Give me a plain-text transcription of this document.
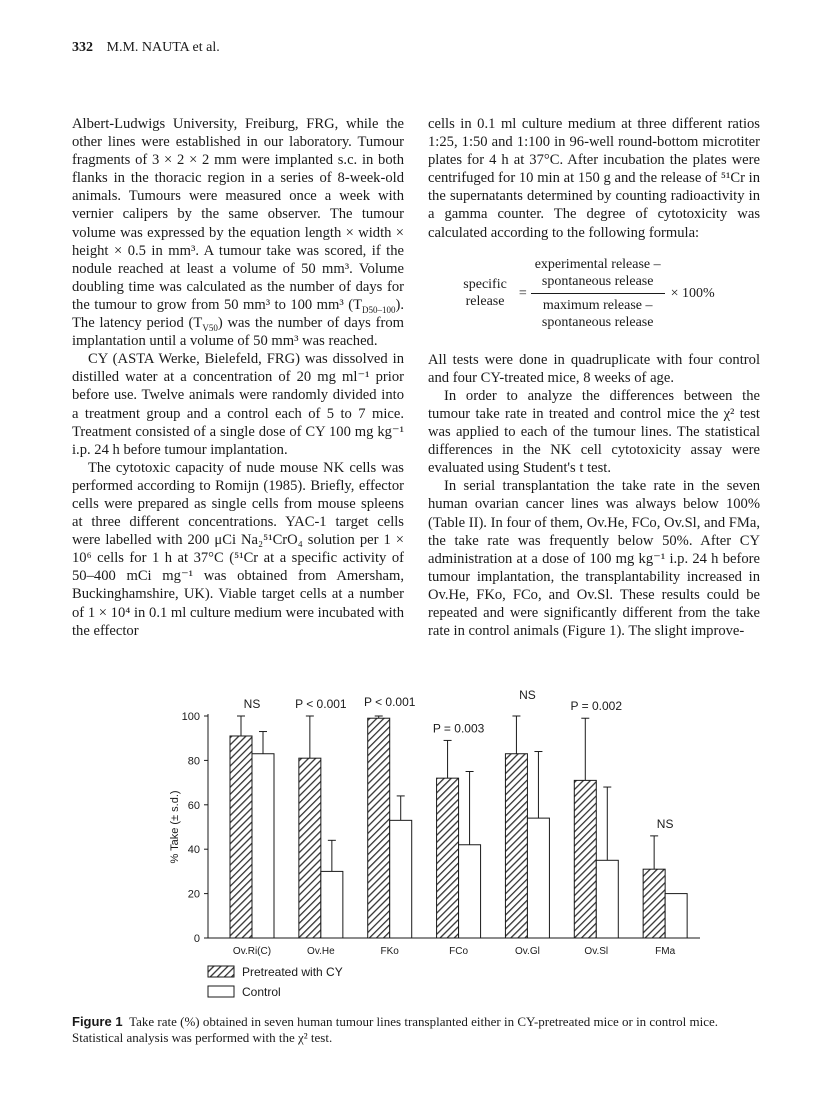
332 M.M. NAUTA et al.

Albert-Ludwigs University, Freiburg, FRG, while the other lines were established in our laboratory. Tumour fragments of 3 × 2 × 2 mm were implanted s.c. in both flanks in the thoracic region in a series of 8-week-old animals. Tumours were measured once a week with vernier calipers by the same observer. The tumour volume was expressed by the equation length × width × height × 0.5 in mm³. A tumour take was scored, if the nodule reached at least a volume of 50 mm³. Volume doubling time was calculated as the number of days for the tumour to grow from 50 mm³ to 100 mm³ $(T_{D50-100})$. The latency period $(T_{V50})$ was the number of days from implantation until a volume of 50 mm³ was reached.

CY (ASTA Werke, Bielefeld, FRG) was dissolved in distilled water at a concentration of 20 mg ml⁻¹ prior before use. Twelve animals were randomly divided into a treatment group and a control each of 5 to 7 mice. Treatment consisted of a single dose of CY 100 mg kg⁻¹ i.p. 24 h before tumour implantation.

The cytotoxic capacity of nude mouse NK cells was performed according to Romijn (1985). Briefly, effector cells were prepared as single cells from mouse spleens at three different concentrations. YAC-1 target cells were labelled with 200 μCi Na₂⁵¹CrO₄ solution per 1 × 10⁶ cells for 1 h at 37°C (⁵¹Cr at a specific activity of 50–400 mCi mg⁻¹ was obtained from Amersham, Buckinghamshire, UK). Viable target cells at a number of 1 × 10⁴ in 0.1 ml culture medium were incubated with the effector

cells in 0.1 ml culture medium at three different ratios 1:25, 1:50 and 1:100 in 96-well round-bottom microtiter plates for 4 h at 37°C. After incubation the plates were centrifuged for 10 min at 150 g and the release of ⁵¹Cr in the supernatants determined by counting radioactivity in a gamma counter. The degree of cytotoxicity was calculated according to the following formula:

specific
release
= experimental release –
spontaneous release
maximum release –
spontaneous release × 100%

All tests were done in quadruplicate with four control and four CY-treated mice, 8 weeks of age.

In order to analyze the differences between the tumour take rate in treated and control mice the χ² test was applied to each of the tumour lines. The statistical differences in the NK cell cytotoxicity assay were evaluated using Student's t test.

In serial transplantation the take rate in the seven human ovarian cancer lines was always below 100% (Table II). In four of them, Ov.He, FCo, Ov.Sl, and FMa, the take rate was frequently below 50%. After CY administration at a dose of 100 mg kg⁻¹ i.p. 24 h before tumour implantation, the transplantability increased in Ov.He, FKo, FCo, and Ov.Sl. These results could be repeated and were significantly different from the take rate in control animals (Figure 1). The slight improve-

0
20
40
60
80
100
% Take (± s.d.)
Ov.Ri(C)
NS
Ov.He
P < 0.001
FKo
P < 0.001
FCo
P = 0.003
Ov.Gl
NS
Ov.Sl
P = 0.002
FMa
NS
Pretreated with CY
Control
Figure 1 Take rate (%) obtained in seven human tumour lines transplanted either in CY-pretreated mice or in control mice. Statistical analysis was performed with the χ² test.
